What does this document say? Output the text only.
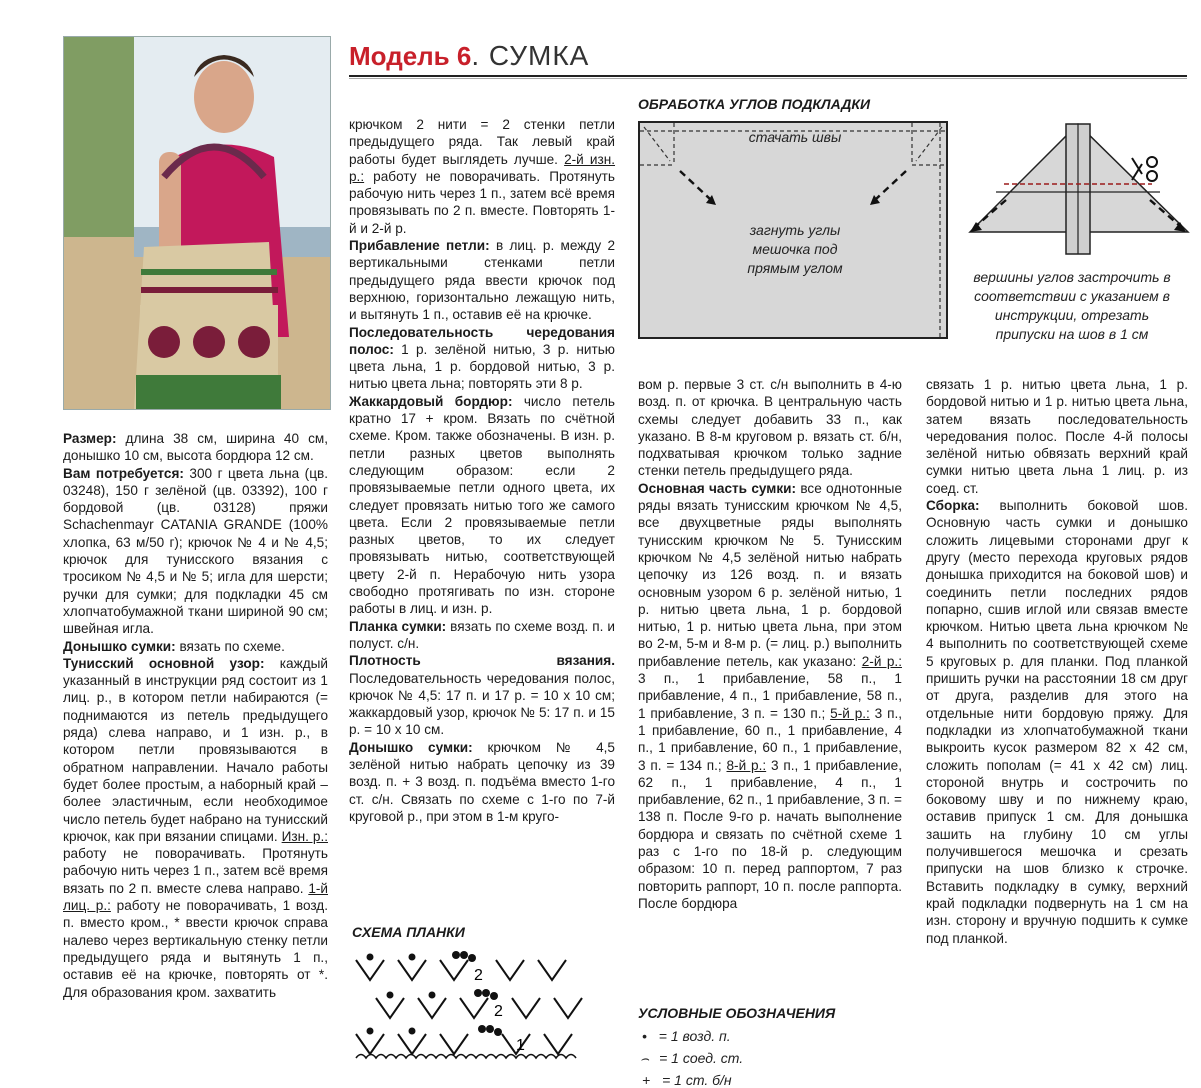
Модель 6. СУМКА

Размер: длина 38 см, ширина 40 см, донышко 10 см, высота бордюра 12 см.

Вам потребуется: 300 г цвета льна (цв. 03248), 150 г зелёной (цв. 03392), 100 г бордовой (цв. 03128) пряжи Schachenmayr CATANIA GRANDE (100% хлопка, 63 м/50 г); крючок № 4 и № 4,5; крючок для тунисского вязания с тросиком № 4,5 и № 5; игла для шерсти; ручки для сумки; для подкладки 45 см хлопчатобумажной ткани шириной 90 см; швейная игла.

Донышко сумки: вязать по схеме.

Тунисский основной узор: каждый указанный в инструкции ряд состоит из 1 лиц. р., в котором петли набираются (= поднимаются из петель предыдущего ряда) слева направо, и 1 изн. р., в котором петли провязываются в обратном направлении. Начало работы будет более простым, а наборный край – более эластичным, если необходимое число петель будет набрано на тунисский крючок, как при вязании спицами. Изн. р.: работу не поворачивать. Протянуть рабочую нить через 1 п., затем всё время вязать по 2 п. вместе слева направо. 1-й лиц. р.: работу не поворачивать, 1 возд. п. вместо кром., * ввести крючок справа налево через вертикальную стенку петли предыдущего ряда и вытянуть 1 п., оставив её на крючке, повторять от *. Для образования кром. захватить

крючком 2 нити = 2 стенки петли предыдущего ряда. Так левый край работы будет выглядеть лучше. 2-й изн. р.: работу не поворачивать. Протянуть рабочую нить через 1 п., затем всё время провязывать по 2 п. вместе. Повторять 1-й и 2-й р.

Прибавление петли: в лиц. р. между 2 вертикальными стенками петли предыдущего ряда ввести крючок под верхнюю, горизонтально лежащую нить, и вытянуть 1 п., оставив её на крючке.

Последовательность чередования полос: 1 р. зелёной нитью, 3 р. нитью цвета льна, 1 р. бордовой нитью, 3 р. нитью цвета льна; повторять эти 8 р.

Жаккардовый бордюр: число петель кратно 17 + кром. Вязать по счётной схеме. Кром. также обозначены. В изн. р. петли разных цветов выполнять следующим образом: если 2 провязываемые петли одного цвета, их следует провязать нитью того же самого цвета. Если 2 провязываемые петли разных цветов, то их следует провязывать нитью, соответствующей цвету 2-й п. Нерабочую нить узора свободно протягивать по изн. стороне работы в лиц. и изн. р.

Планка сумки: вязать по схеме возд. п. и полуст. с/н.

Плотность вязания. Последовательность чередования полос, крючок № 4,5: 17 п. и 17 р. = 10 х 10 см; жаккардовый узор, крючок № 5: 17 п. и 15 р. = 10 х 10 см.

Донышко сумки: крючком № 4,5 зелёной нитью набрать цепочку из 39 возд. п. + 3 возд. п. подъёма вместо 1-го ст. с/н. Связать по схеме с 1-го по 7-й круговой р., при этом в 1-м круго-

СХЕМА ПЛАНКИ
2
2
1
ОБРАБОТКА УГЛОВ ПОДКЛАДКИ
стачать швы
загнуть углы мешочка под прямым углом
вершины углов застрочить в соответствии с указанием в инструкции, отрезать припуски на шов в 1 см

вом р. первые 3 ст. с/н выполнить в 4-ю возд. п. от крючка. В центральную часть схемы следует добавить 33 п., как указано. В 8-м круговом р. вязать ст. б/н, подхватывая крючком только задние стенки петель предыдущего ряда.

Основная часть сумки: все однотонные ряды вязать тунисским крючком № 4,5, все двухцветные ряды выполнять тунисским крючком № 5. Тунисским крючком № 4,5 зелёной нитью набрать цепочку из 126 возд. п. и вязать основным узором 6 р. зелёной нитью, 1 р. нитью цвета льна, 1 р. бордовой нитью, 1 р. нитью цвета льна, при этом во 2-м, 5-м и 8-м р. (= лиц. р.) выполнить прибавление петель, как указано: 2-й р.: 3 п., 1 прибавление, 58 п., 1 прибавление, 4 п., 1 прибавление, 58 п., 1 прибавление, 3 п. = 130 п.; 5-й р.: 3 п., 1 прибавление, 60 п., 1 прибавление, 4 п., 1 прибавление, 60 п., 1 прибавление, 3 п. = 134 п.; 8-й р.: 3 п., 1 прибавление, 62 п., 1 прибавление, 4 п., 1 прибавление, 62 п., 1 прибавление, 3 п. = 138 п. После 9-го р. начать выполнение бордюра и связать по счётной схеме 1 раз с 1-го по 18-й р. следующим образом: 10 п. перед раппортом, 7 раз повторить раппорт, 10 п. после раппорта. После бордюра

УСЛОВНЫЕ ОБОЗНАЧЕНИЯ
• = 1 возд. п.
⌢ = 1 соед. ст.
+ = 1 ст. б/н

связать 1 р. нитью цвета льна, 1 р. бордовой нитью и 1 р. нитью цвета льна, затем вязать последовательность чередования полос. После 4-й полосы зелёной нитью обвязать верхний край сумки нитью цвета льна 1 лиц. р. из соед. ст.

Сборка: выполнить боковой шов. Основную часть сумки и донышко сложить лицевыми сторонами друг к другу (место перехода круговых рядов донышка приходится на боковой шов) и соединить петли последних рядов попарно, сшив иглой или связав вместе крючком. Нитью цвета льна крючком № 4 выполнить по соответствующей схеме 5 круговых р. для планки. Под планкой пришить ручки на расстоянии 18 см друг от друга, разделив для этого на отдельные нити бордовую пряжу. Для подкладки из хлопчатобумажной ткани выкроить кусок размером 82 х 42 см, сложить пополам (= 41 х 42 см) лиц. стороной внутрь и сострочить по боковому шву и по нижнему краю, оставив припуск 1 см. Для донышка зашить на глубину 10 см углы получившегося мешочка и срезать припуски на шов близко к строчке. Вставить подкладку в сумку, верхний край подкладки подвернуть на 1 см на изн. сторону и вручную подшить к сумке под планкой.
